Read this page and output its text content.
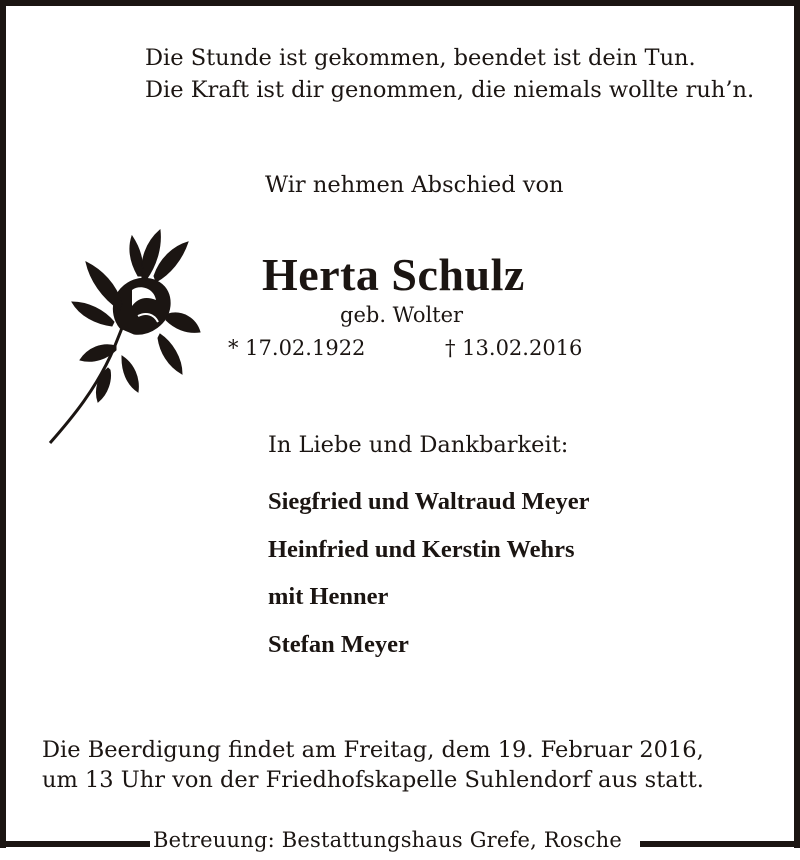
Die Stunde ist gekommen, beendet ist dein Tun.
Die Kraft ist dir genommen, die niemals wollte ruh’n.
Wir nehmen Abschied von
Herta Schulz
geb. Wolter
* 17.02.1922	† 13.02.2016
In Liebe und Dankbarkeit:
Siegfried und Waltraud Meyer
Heinfried und Kerstin Wehrs
mit Henner
Stefan Meyer
Die Beerdigung findet am Freitag, dem 19. Februar 2016,
um 13 Uhr von der Friedhofskapelle Suhlendorf aus statt.
Betreuung: Bestattungshaus Grefe, Rosche
